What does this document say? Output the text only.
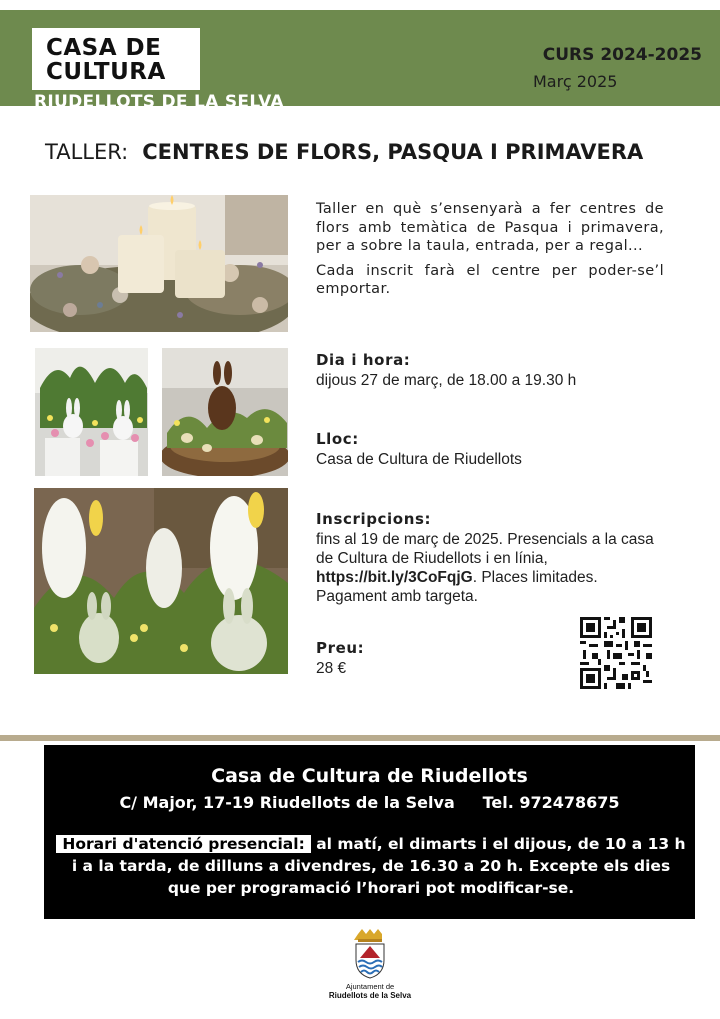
CASA DE
CULTURA
RIUDELLOTS DE LA SELVA
CURS 2024-2025
Març 2025
TALLER: CENTRES DE FLORS, PASQUA I PRIMAVERA

Taller en què s’ensenyarà a fer centres de flors amb temàtica de Pasqua i primavera, per a sobre la taula, entrada, per a regal...

Cada inscrit farà el centre per poder-se’l emportar.

Dia i hora:
dijous 27 de març, de 18.00 a 19.30 h
Lloc:
Casa de Cultura de Riudellots
Inscripcions:
fins al 19 de març de 2025. Presencials a la casa de Cultura de Riudellots i en línia, https://bit.ly/3CoFqjG. Places limitades. Pagament amb targeta.
Preu:
28 €
Casa de Cultura de Riudellots
C/ Major, 17-19 Riudellots de la Selva     Tel. 972478675
Horari d'atenció presencial: al matí, el dimarts i el dijous, de 10 a 13 h i a la tarda, de dilluns a divendres, de 16.30 a 20 h. Excepte els dies que per programació l’horari pot modificar-se.
Ajuntament de
Riudellots de la Selva
